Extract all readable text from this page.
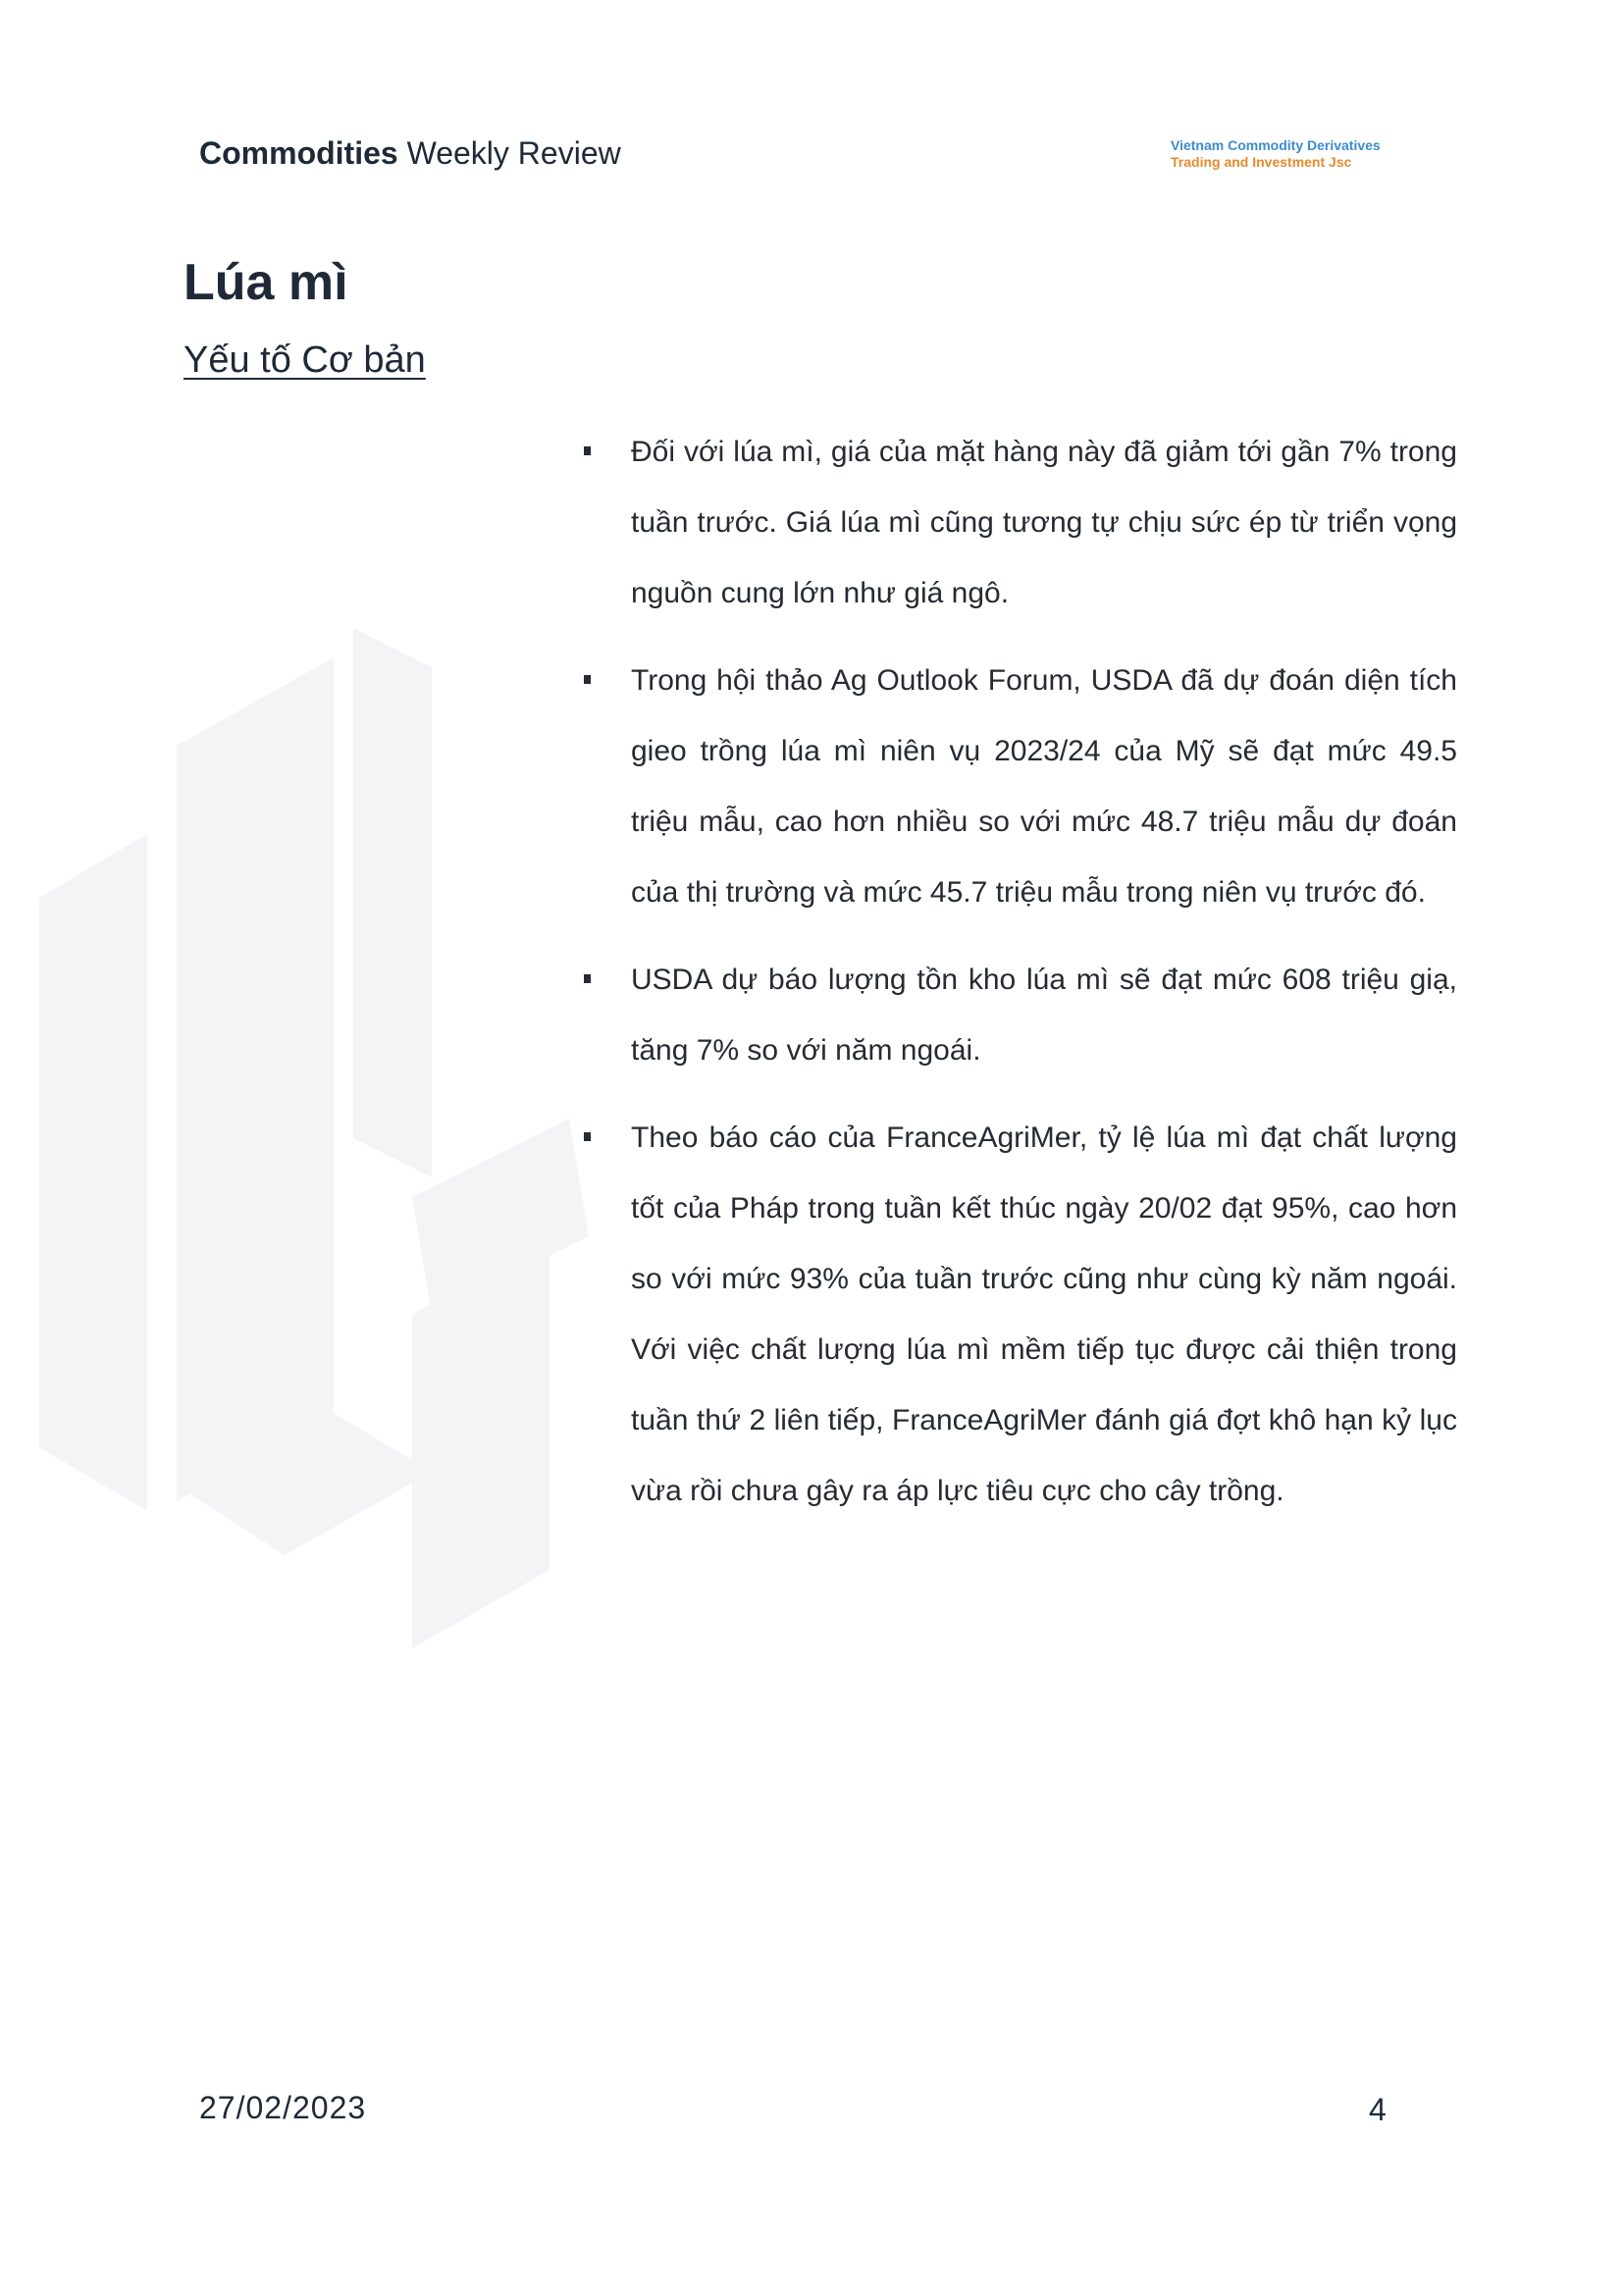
Commodities Weekly Review	Vietnam Commodity Derivatives
Trading and Investment Jsc
Lúa mì
Yếu tố Cơ bản
Đối với lúa mì, giá của mặt hàng này đã giảm tới gần 7% trong tuần trước. Giá lúa mì cũng tương tự chịu sức ép từ triển vọng nguồn cung lớn như giá ngô.
Trong hội thảo Ag Outlook Forum, USDA đã dự đoán diện tích gieo trồng lúa mì niên vụ 2023/24 của Mỹ sẽ đạt mức 49.5 triệu mẫu, cao hơn nhiều so với mức 48.7 triệu mẫu dự đoán của thị trường và mức 45.7 triệu mẫu trong niên vụ trước đó.
USDA dự báo lượng tồn kho lúa mì sẽ đạt mức 608 triệu giạ, tăng 7% so với năm ngoái.
Theo báo cáo của FranceAgriMer, tỷ lệ lúa mì đạt chất lượng tốt của Pháp trong tuần kết thúc ngày 20/02 đạt 95%, cao hơn so với mức 93% của tuần trước cũng như cùng kỳ năm ngoái. Với việc chất lượng lúa mì mềm tiếp tục được cải thiện trong tuần thứ 2 liên tiếp, FranceAgriMer đánh giá đợt khô hạn kỷ lục vừa rồi chưa gây ra áp lực tiêu cực cho cây trồng.
27/02/2023	4
